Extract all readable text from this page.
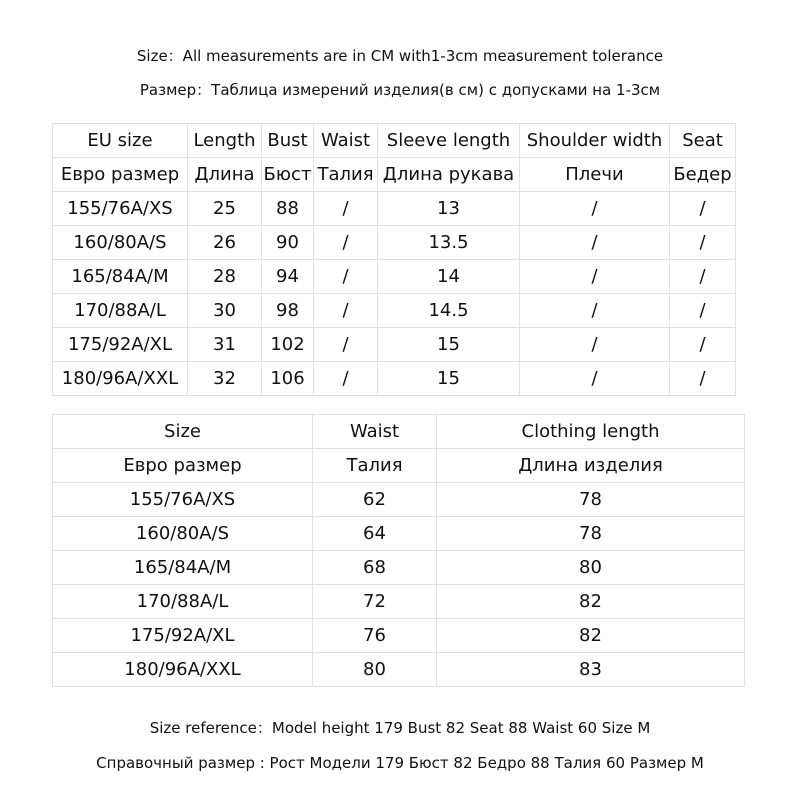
Size：All measurements are in CM with1-3cm measurement tolerance
Размер：Таблица измерений изделия(в см) с допусками на 1-3см
EU size	Length	Bust	Waist	Sleeve length	Shoulder width	Seat
Евро размер	Длина	Бюст	Талия	Длина рукава	Плечи	Бедер
155/76A/XS	25	88	/	13	/	/
160/80A/S	26	90	/	13.5	/	/
165/84A/M	28	94	/	14	/	/
170/88A/L	30	98	/	14.5	/	/
175/92A/XL	31	102	/	15	/	/
180/96A/XXL	32	106	/	15	/	/
Size	Waist	Clothing length
Евро размер	Талия	Длина изделия
155/76A/XS	62	78
160/80A/S	64	78
165/84A/M	68	80
170/88A/L	72	82
175/92A/XL	76	82
180/96A/XXL	80	83
Size reference：Model height 179 Bust 82 Seat 88 Waist 60 Size M
Справочный размер : Рост Модели 179 Бюст 82 Бедро 88 Талия 60 Размер M
